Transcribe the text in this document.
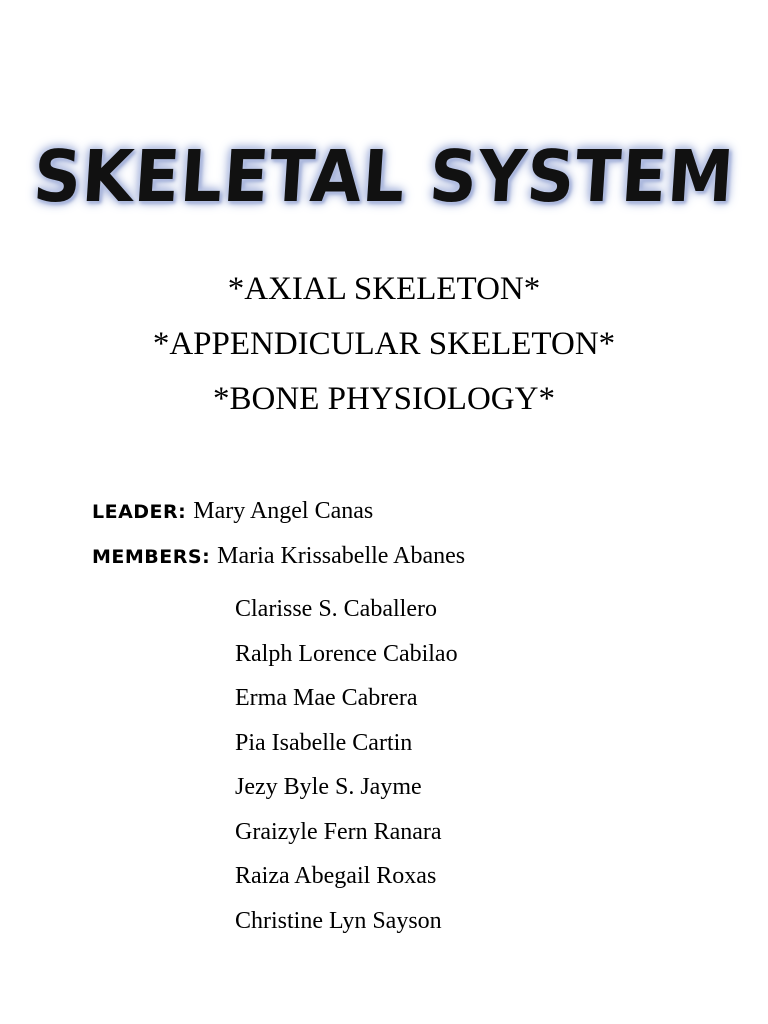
SKELETAL SYSTEM

*AXIAL SKELETON*

*APPENDICULAR SKELETON*

*BONE PHYSIOLOGY*

LEADER: Mary Angel Canas
MEMBERS: Maria Krissabelle Abanes
Clarisse S. Caballero
Ralph Lorence Cabilao
Erma Mae Cabrera
Pia Isabelle Cartin
Jezy Byle S. Jayme
Graizyle Fern Ranara
Raiza Abegail Roxas
Christine Lyn Sayson
